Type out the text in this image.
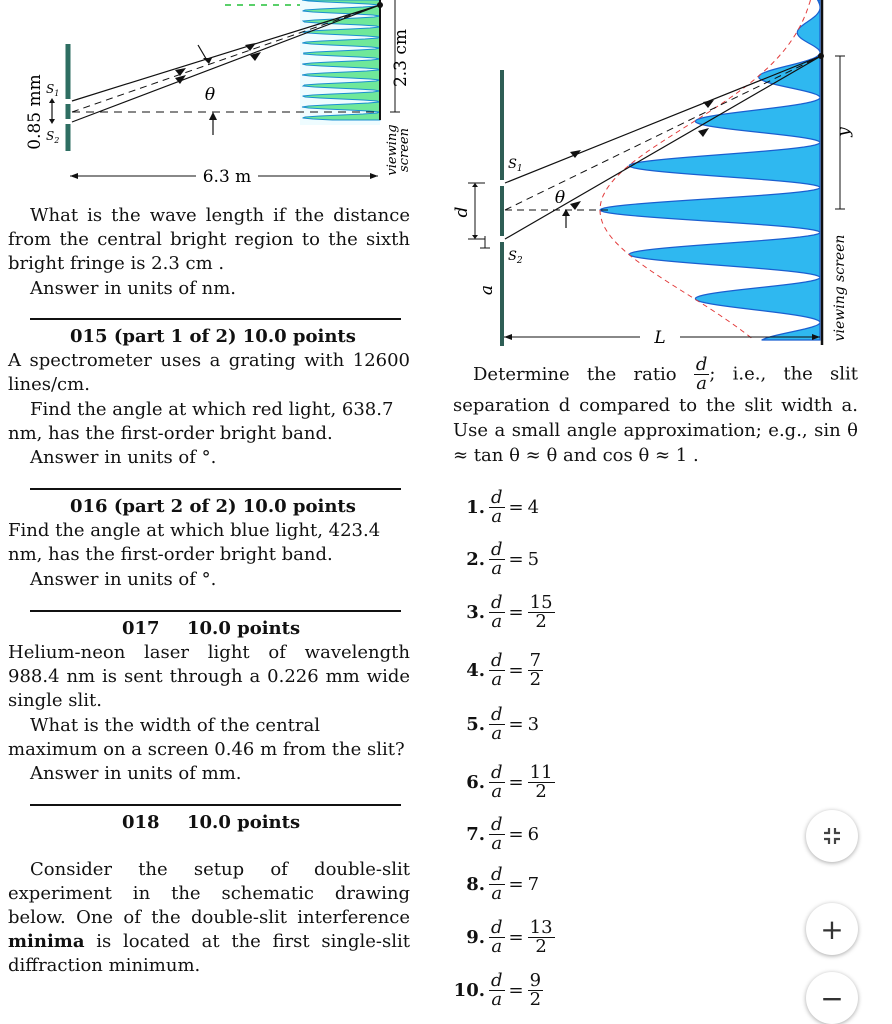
6.3 m
$S_1$
$S_2$
θ
0.85 mm
viewing
screen
2.3 cm
What is the wave length if the distance from the central bright region to the sixth bright fringe is 2.3 cm .
Answer in units of nm.
015 (part 1 of 2) 10.0 points
A spectrometer uses a grating with 12600 lines/cm.
Find the angle at which red light, 638.7 nm, has the first-order bright band.
Answer in units of °.
016 (part 2 of 2) 10.0 points
Find the angle at which blue light, 423.4 nm, has the first-order bright band.
Answer in units of °.
017 10.0 points
Helium-neon laser light of wavelength 988.4 nm is sent through a 0.226 mm wide single slit.
What is the width of the central maximum on a screen 0.46 m from the slit?
Answer in units of mm.
018 10.0 points
Consider the setup of double-slit experiment in the schematic drawing below. One of the double-slit interference minima is located at the first single-slit diffraction minimum.
$S_1$
$S_2$
θ
L
d
a
y
viewing screen
Determine the ratio $\frac{d}{a}$ ; i.e., the slit separation d compared to the slit width a. Use a small angle approximation; e.g., sin θ ≈ tan θ ≈ θ and cos θ ≈ 1 .
1. $\frac{d}{a} = 4$
2. $\frac{d}{a} = 5$
3. $\frac{d}{a} = \frac{15}{2}$
4. $\frac{d}{a} = \frac{7}{2}$
5. $\frac{d}{a} = 3$
6. $\frac{d}{a} = \frac{11}{2}$
7. $\frac{d}{a} = 6$
8. $\frac{d}{a} = 7$
9. $\frac{d}{a} = \frac{13}{2}$
10. $\frac{d}{a} = \frac{9}{2}$
+
−
